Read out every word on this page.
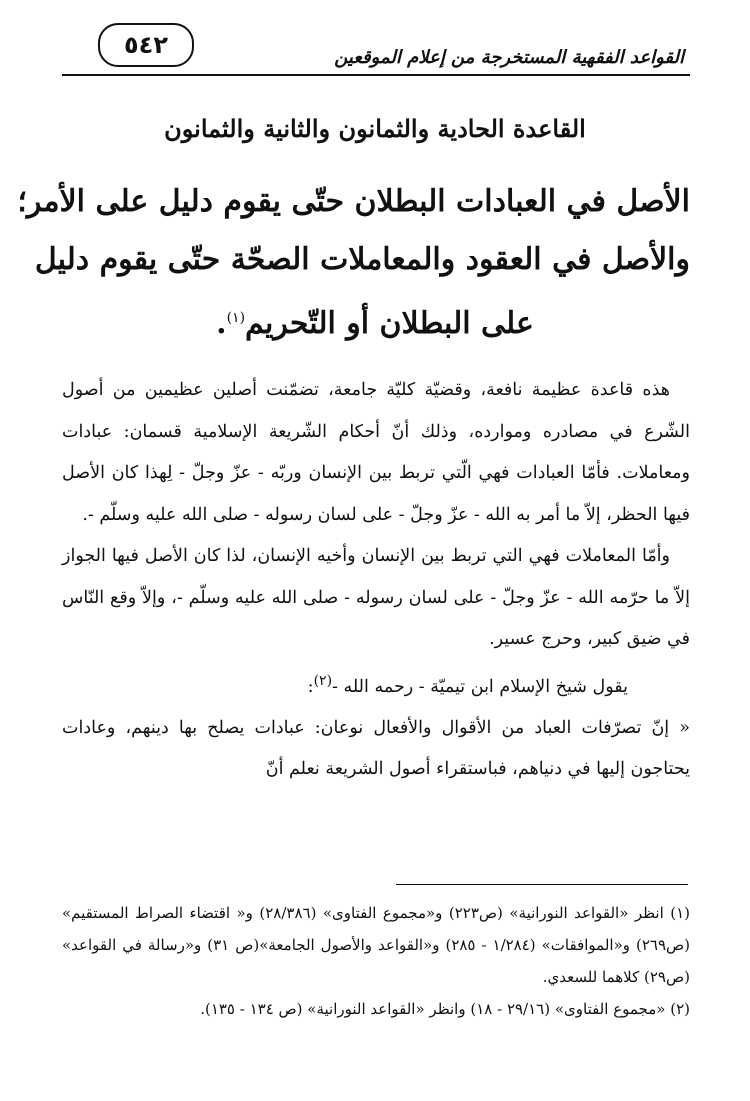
القواعد الفقهية المستخرجة من إعلام الموقعين
٥٤٢
القاعدة الحادية والثمانون والثانية والثمانون
الأصل في العبادات البطلان حتّى يقوم دليل على الأمر؛
والأصل في العقود والمعاملات الصحّة حتّى يقوم دليل
على البطلان أو التّحريم$^{(١)}$.

هذه قاعدة عظيمة نافعة، وقضيّة كليّة جامعة، تضمّنت أصلين عظيمين من أصول الشّرع في مصادره وموارده، وذلك أنّ أحكام الشّريعة الإسلامية قسمان: عبادات ومعاملات. فأمّا العبادات فهي الّتي تربط بين الإنسان وربّه - عزّ وجلّ - لِهذا كان الأصل فيها الحظر، إلاّ ما أمر به الله - عزّ وجلّ - على لسان رسوله - صلى الله عليه وسلّم -.

وأمّا المعاملات فهي التي تربط بين الإنسان وأخيه الإنسان، لذا كان الأصل فيها الجواز إلاّ ما حرّمه الله - عزّ وجلّ - على لسان رسوله - صلى الله عليه وسلّم -، وإلاّ وقع النّاس في ضيق كبير، وحرج عسير.

يقول شيخ الإسلام ابن تيميّة - رحمه الله -$^{(٢)}$:

« إنّ تصرّفات العباد من الأقوال والأفعال نوعان: عبادات يصلح بها دينهم، وعادات يحتاجون إليها في دنياهم، فباستقراء أصول الشريعة نعلم أنّ

(١) انظر «القواعد النورانية» (ص٢٢٣) و«مجموع الفتاوى» (٢٨/٣٨٦) و« اقتضاء الصراط المستقيم» (ص٢٦٩) و«الموافقات» (١/٢٨٤ - ٢٨٥) و«القواعد والأصول الجامعة»(ص ٣١) و«رسالة في القواعد» (ص٢٩) كلاهما للسعدي.

(٢) «مجموع الفتاوى» (٢٩/١٦ - ١٨) وانظر «القواعد النورانية» (ص ١٣٤ - ١٣٥).
